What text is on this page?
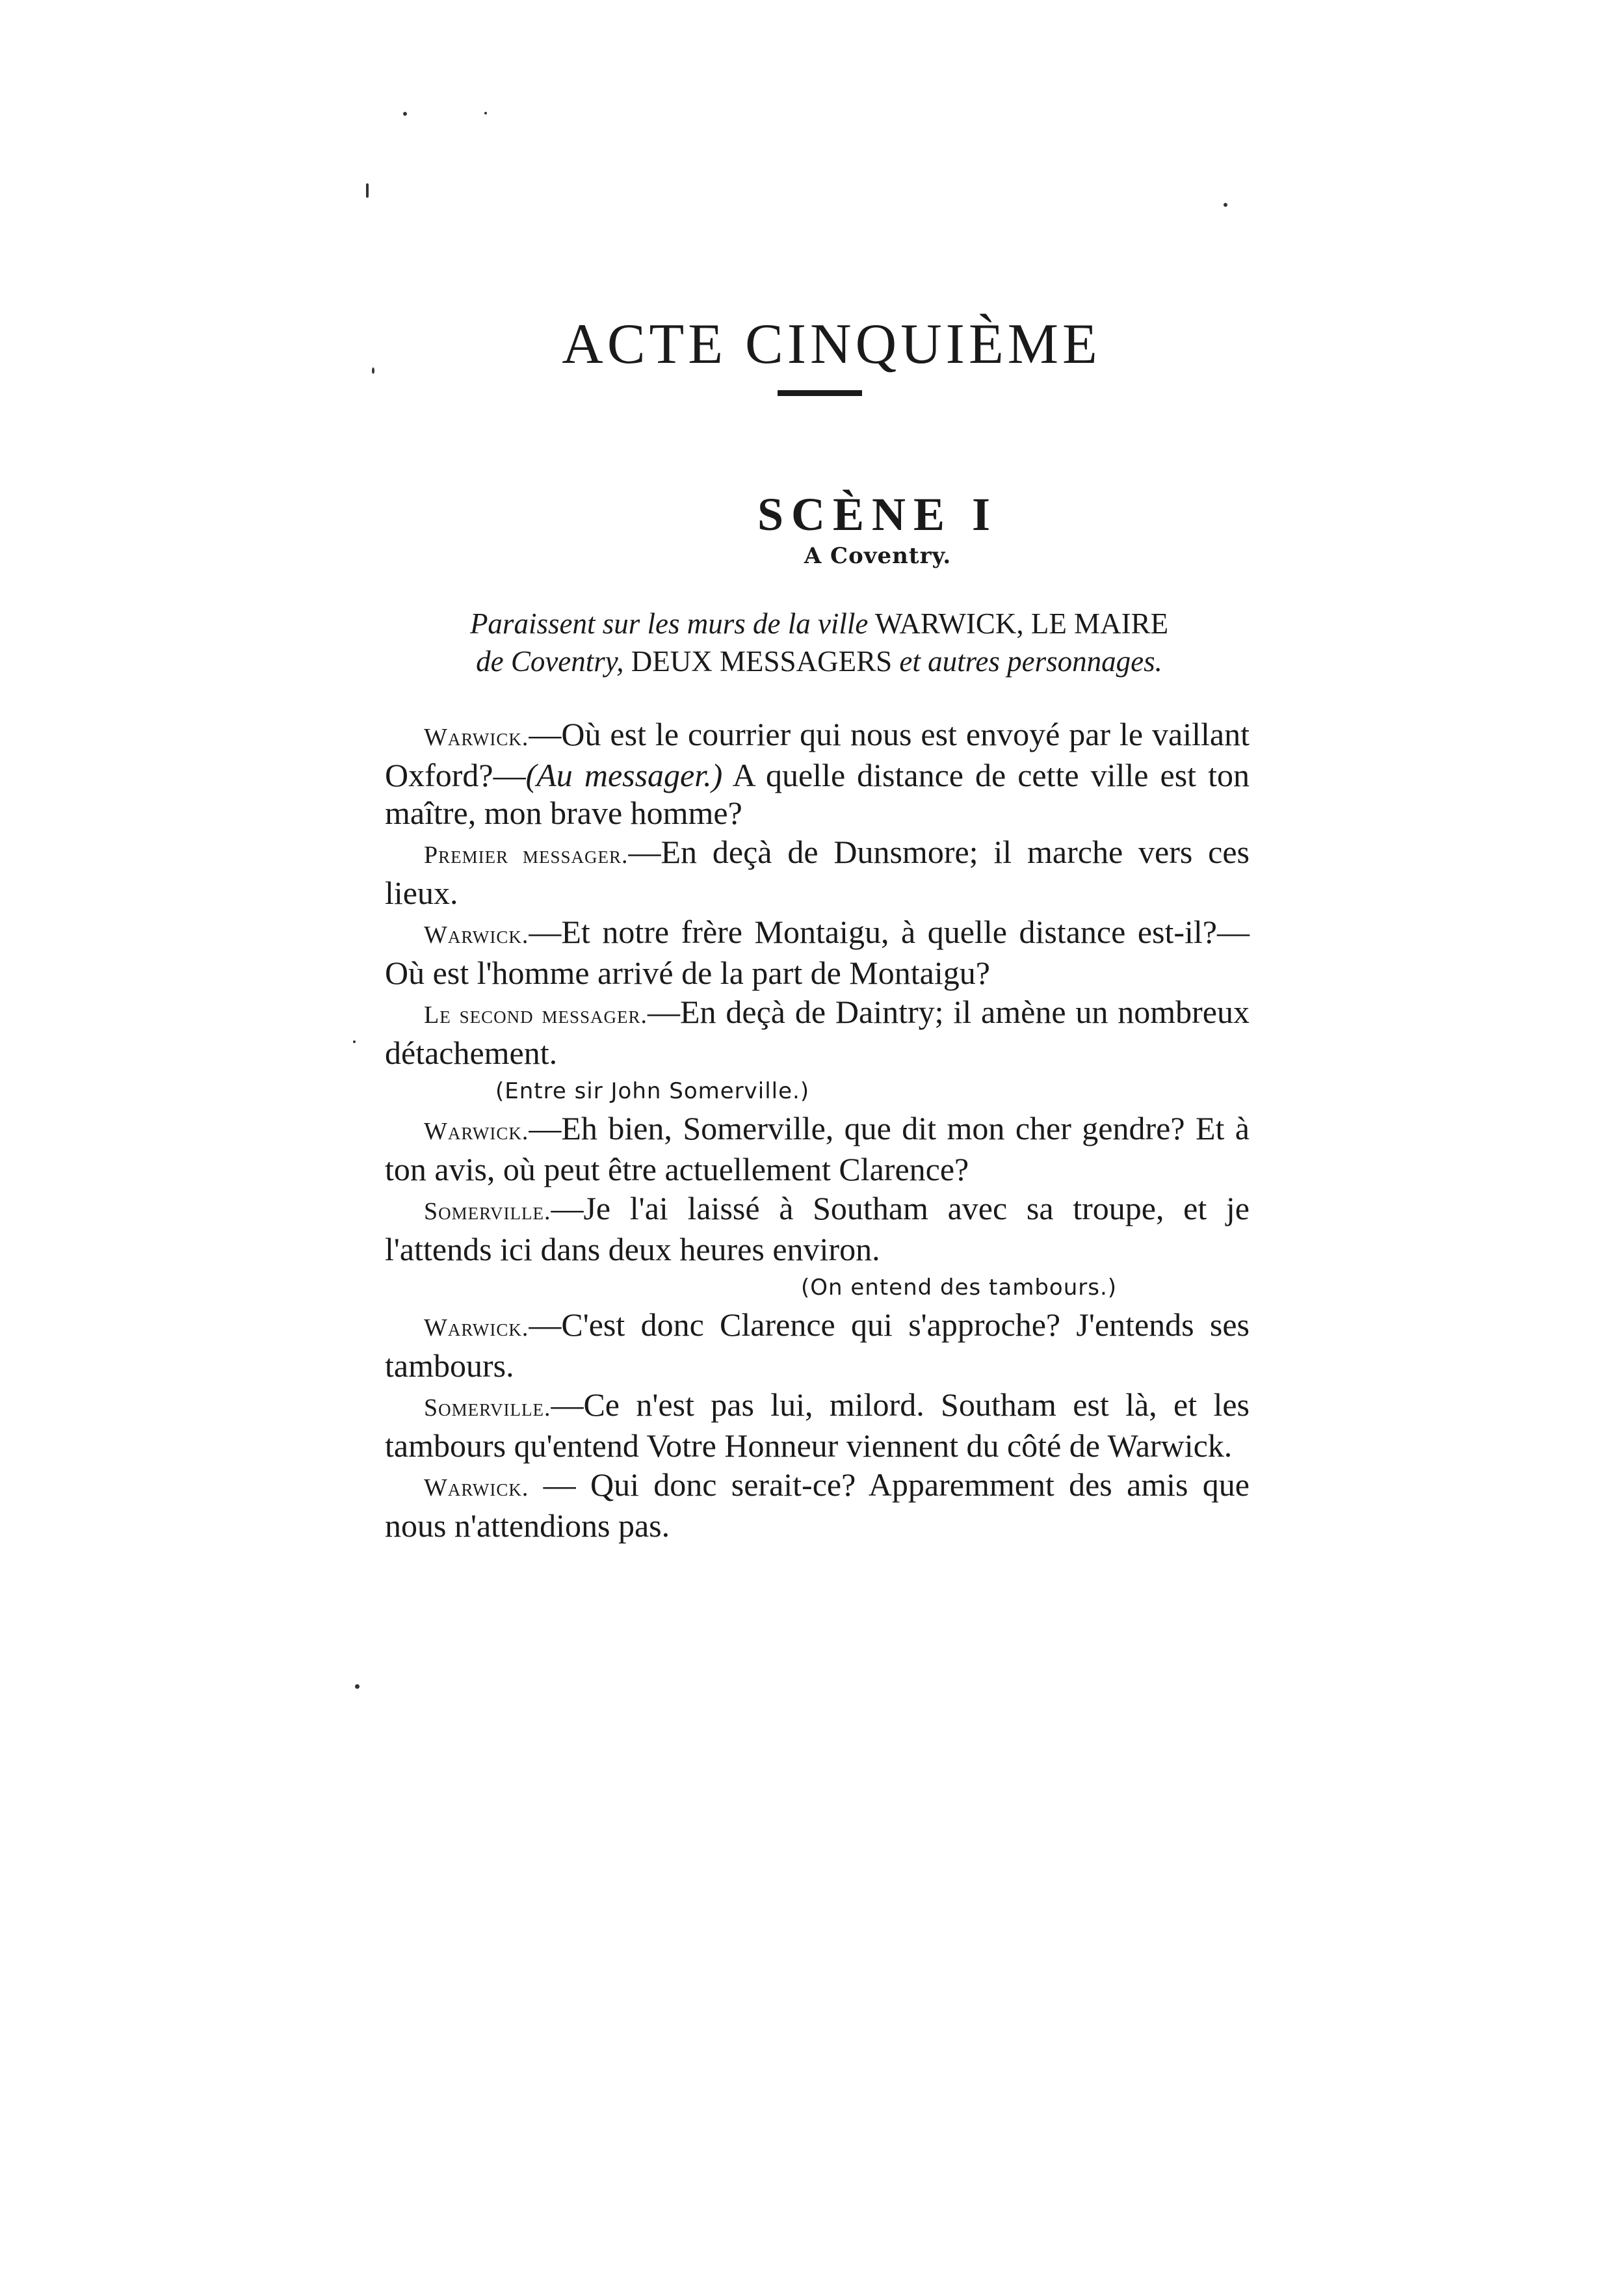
ACTE CINQUIÈME
SCÈNE I
A Coventry.
Paraissent sur les murs de la ville WARWICK, LE MAIRE
de Coventry, DEUX MESSAGERS et autres personnages.

Warwick.—Où est le courrier qui nous est envoyé par le vaillant Oxford?—(Au messager.) A quelle distance de cette ville est ton maître, mon brave homme?

Premier messager.—En deçà de Dunsmore; il marche vers ces lieux.

Warwick.—Et notre frère Montaigu, à quelle distance est-il?—Où est l'homme arrivé de la part de Montaigu?

Le second messager.—En deçà de Daintry; il amène un nombreux détachement.

(Entre sir John Somerville.)

Warwick.—Eh bien, Somerville, que dit mon cher gendre? Et à ton avis, où peut être actuellement Clarence?

Somerville.—Je l'ai laissé à Southam avec sa troupe, et je l'attends ici dans deux heures environ.

(On entend des tambours.)

Warwick.—C'est donc Clarence qui s'approche? J'entends ses tambours.

Somerville.—Ce n'est pas lui, milord. Southam est là, et les tambours qu'entend Votre Honneur viennent du côté de Warwick.

Warwick. — Qui donc serait-ce? Apparemment des amis que nous n'attendions pas.
